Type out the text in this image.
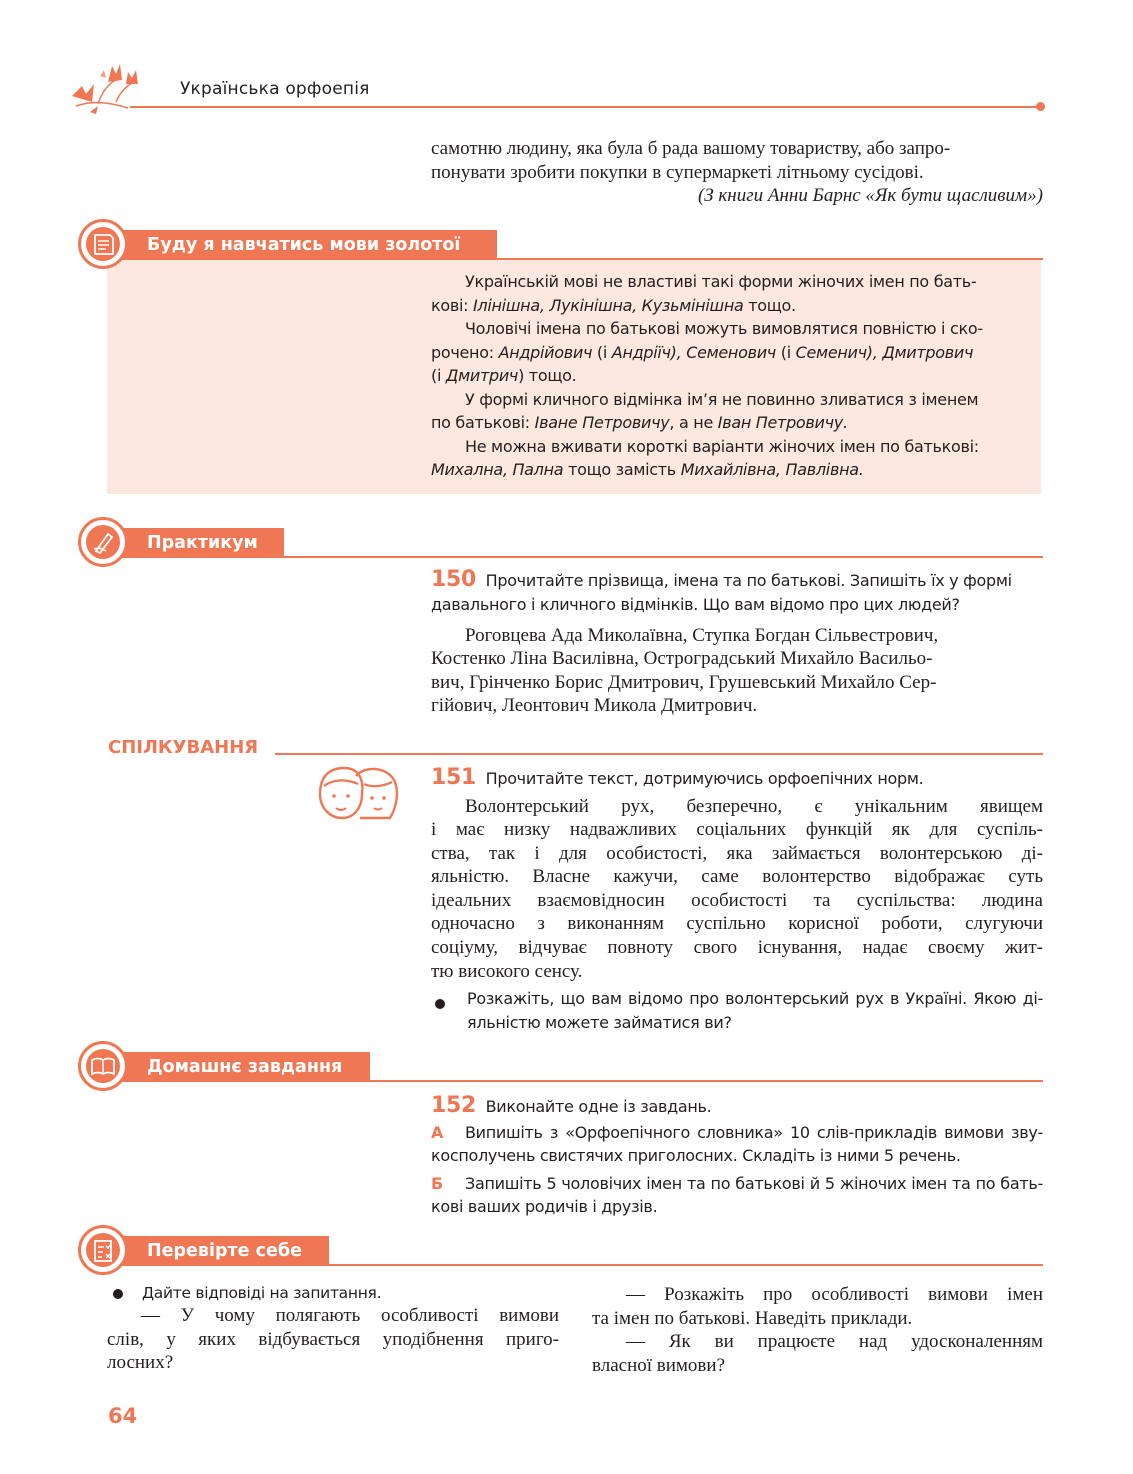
Українська орфоепія

самотню людину, яка була б рада вашому товариству, або запро-

понувати зробити покупки в супермаркеті літньому сусідові.

(З книги Анни Барнс «Як бути щасливим»)

Буду я навчатись мови золотої

Українській мові не властиві такі форми жіночих імен по бать-

кові: Ілінішна, Лукінішна, Кузьмінішна тощо.

Чоловічі імена по батькові можуть вимовлятися повністю і ско-

рочено: Андрійович (і Андріїч), Семенович (і Семенич), Дмитрович

(і Дмитрич) тощо.

У формі кличного відмінка ім’я не повинно зливатися з іменем

по батькові: Іване Петровичу, а не Іван Петровичу.

Не можна вживати короткі варіанти жіночих імен по батькові:

Михална, Пална тощо замість Михайлівна, Павлівна.

Практикум

150 Прочитайте прізвища, імена та по батькові. Запишіть їх у формі

давального і кличного відмінків. Що вам відомо про цих людей?

Роговцева Ада Миколаївна, Ступка Богдан Сільвестрович,

Костенко Ліна Василівна, Остроградський Михайло Васильо-

вич, Грінченко Борис Дмитрович, Грушевський Михайло Сер-

гійович, Леонтович Микола Дмитрович.

СПІЛКУВАННЯ

151 Прочитайте текст, дотримуючись орфоепічних норм.

Волонтерський рух, безперечно, є унікальним явищем

і має низку надважливих соціальних функцій як для суспіль-

ства, так і для особистості, яка займається волонтерською ді-

яльністю. Власне кажучи, саме волонтерство відображає суть

ідеальних взаємовідносин особистості та суспільства: людина

одночасно з виконанням суспільно корисної роботи, слугуючи

соціуму, відчуває повноту свого існування, надає своєму жит-

тю високого сенсу.

Розкажіть, що вам відомо про волонтерський рух в Україні. Якою ді-

яльністю можете займатися ви?

Домашнє завдання

152 Виконайте одне із завдань.

А	Випишіть з «Орфоепічного словника» 10 слів-прикладів вимови зву-

косполучень свистячих приголосних. Складіть із ними 5 речень.

Б	Запишіть 5 чоловічих імен та по батькові й 5 жіночих імен та по бать-

кові ваших родичів і друзів.

Перевірте себе

Дайте відповіді на запитання.

— У чому полягають особливості вимови

слів, у яких відбувається уподібнення приго-

лосних?

— Розкажіть про особливості вимови імен

та імен по батькові. Наведіть приклади.

— Як ви працюєте над удосконаленням

власної вимови?

64
